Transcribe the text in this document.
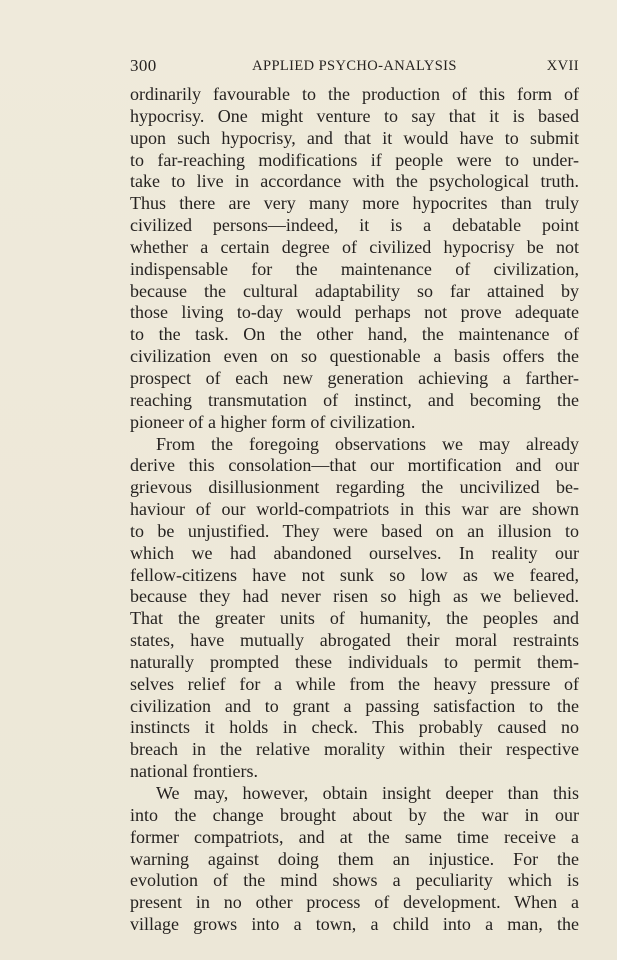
300	APPLIED PSYCHO-ANALYSIS	XVII
ordinarily favourable to the production of this form of
hypocrisy. One might venture to say that it is based
upon such hypocrisy, and that it would have to submit
to far-reaching modifications if people were to under-
take to live in accordance with the psychological truth.
Thus there are very many more hypocrites than truly
civilized persons—indeed, it is a debatable point
whether a certain degree of civilized hypocrisy be not
indispensable for the maintenance of civilization,
because the cultural adaptability so far attained by
those living to-day would perhaps not prove adequate
to the task. On the other hand, the maintenance of
civilization even on so questionable a basis offers the
prospect of each new generation achieving a farther-
reaching transmutation of instinct, and becoming the
pioneer of a higher form of civilization.
From the foregoing observations we may already
derive this consolation—that our mortification and our
grievous disillusionment regarding the uncivilized be-
haviour of our world-compatriots in this war are shown
to be unjustified. They were based on an illusion to
which we had abandoned ourselves. In reality our
fellow-citizens have not sunk so low as we feared,
because they had never risen so high as we believed.
That the greater units of humanity, the peoples and
states, have mutually abrogated their moral restraints
naturally prompted these individuals to permit them-
selves relief for a while from the heavy pressure of
civilization and to grant a passing satisfaction to the
instincts it holds in check. This probably caused no
breach in the relative morality within their respective
national frontiers.
We may, however, obtain insight deeper than this
into the change brought about by the war in our
former compatriots, and at the same time receive a
warning against doing them an injustice. For the
evolution of the mind shows a peculiarity which is
present in no other process of development. When a
village grows into a town, a child into a man, the
